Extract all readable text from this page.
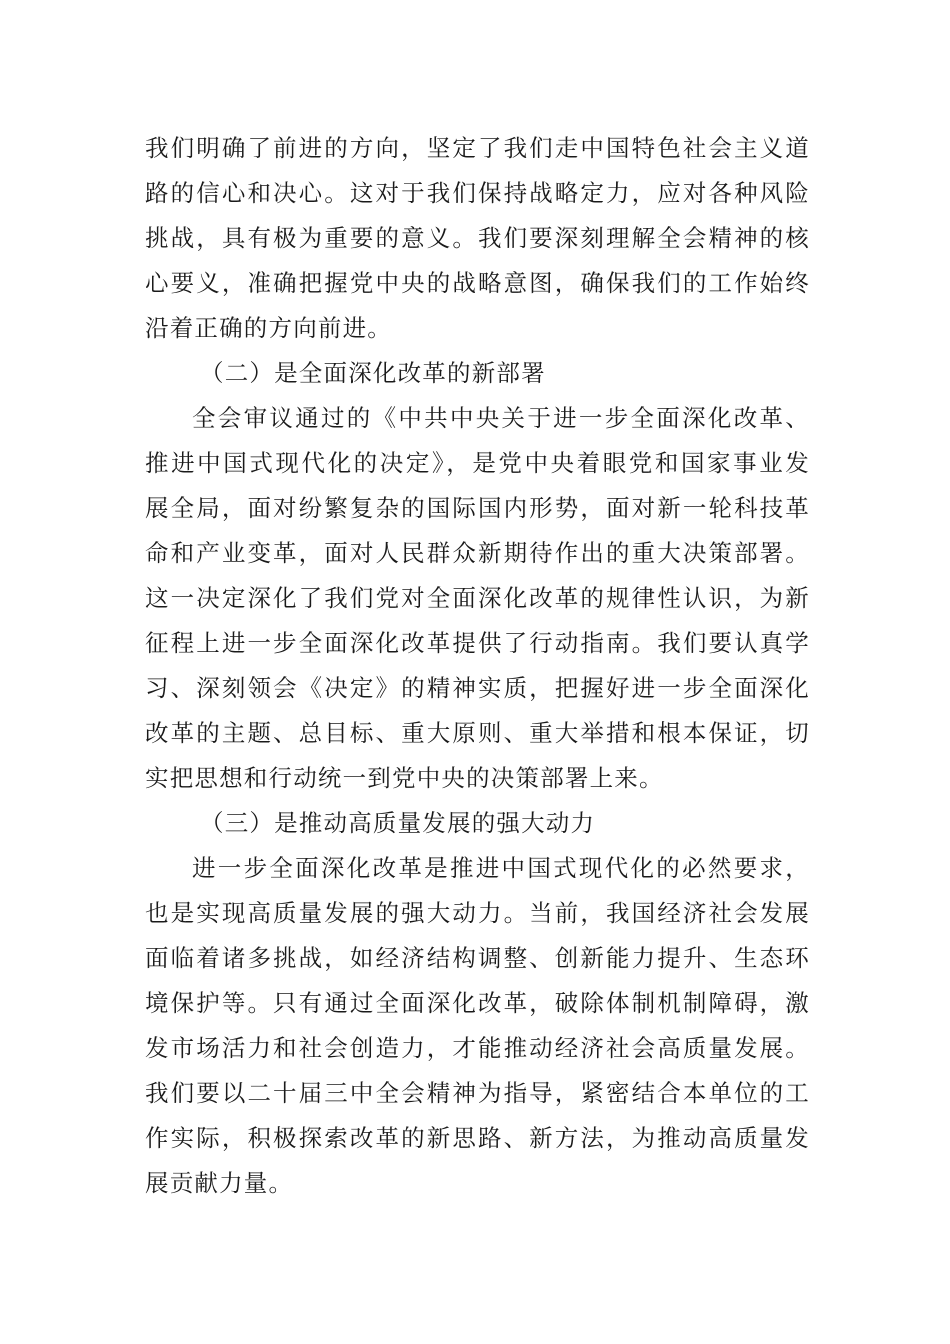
我们明确了前进的方向，坚定了我们走中国特色社会主义道
路的信心和决心。这对于我们保持战略定力，应对各种风险
挑战，具有极为重要的意义。我们要深刻理解全会精神的核
心要义，准确把握党中央的战略意图，确保我们的工作始终
沿着正确的方向前进。
（二）是全面深化改革的新部署
全会审议通过的《中共中央关于进一步全面深化改革、
推进中国式现代化的决定》，是党中央着眼党和国家事业发
展全局，面对纷繁复杂的国际国内形势，面对新一轮科技革
命和产业变革，面对人民群众新期待作出的重大决策部署。
这一决定深化了我们党对全面深化改革的规律性认识，为新
征程上进一步全面深化改革提供了行动指南。我们要认真学
习、深刻领会《决定》的精神实质，把握好进一步全面深化
改革的主题、总目标、重大原则、重大举措和根本保证，切
实把思想和行动统一到党中央的决策部署上来。
（三）是推动高质量发展的强大动力
进一步全面深化改革是推进中国式现代化的必然要求，
也是实现高质量发展的强大动力。当前，我国经济社会发展
面临着诸多挑战，如经济结构调整、创新能力提升、生态环
境保护等。只有通过全面深化改革，破除体制机制障碍，激
发市场活力和社会创造力，才能推动经济社会高质量发展。
我们要以二十届三中全会精神为指导，紧密结合本单位的工
作实际，积极探索改革的新思路、新方法，为推动高质量发
展贡献力量。
